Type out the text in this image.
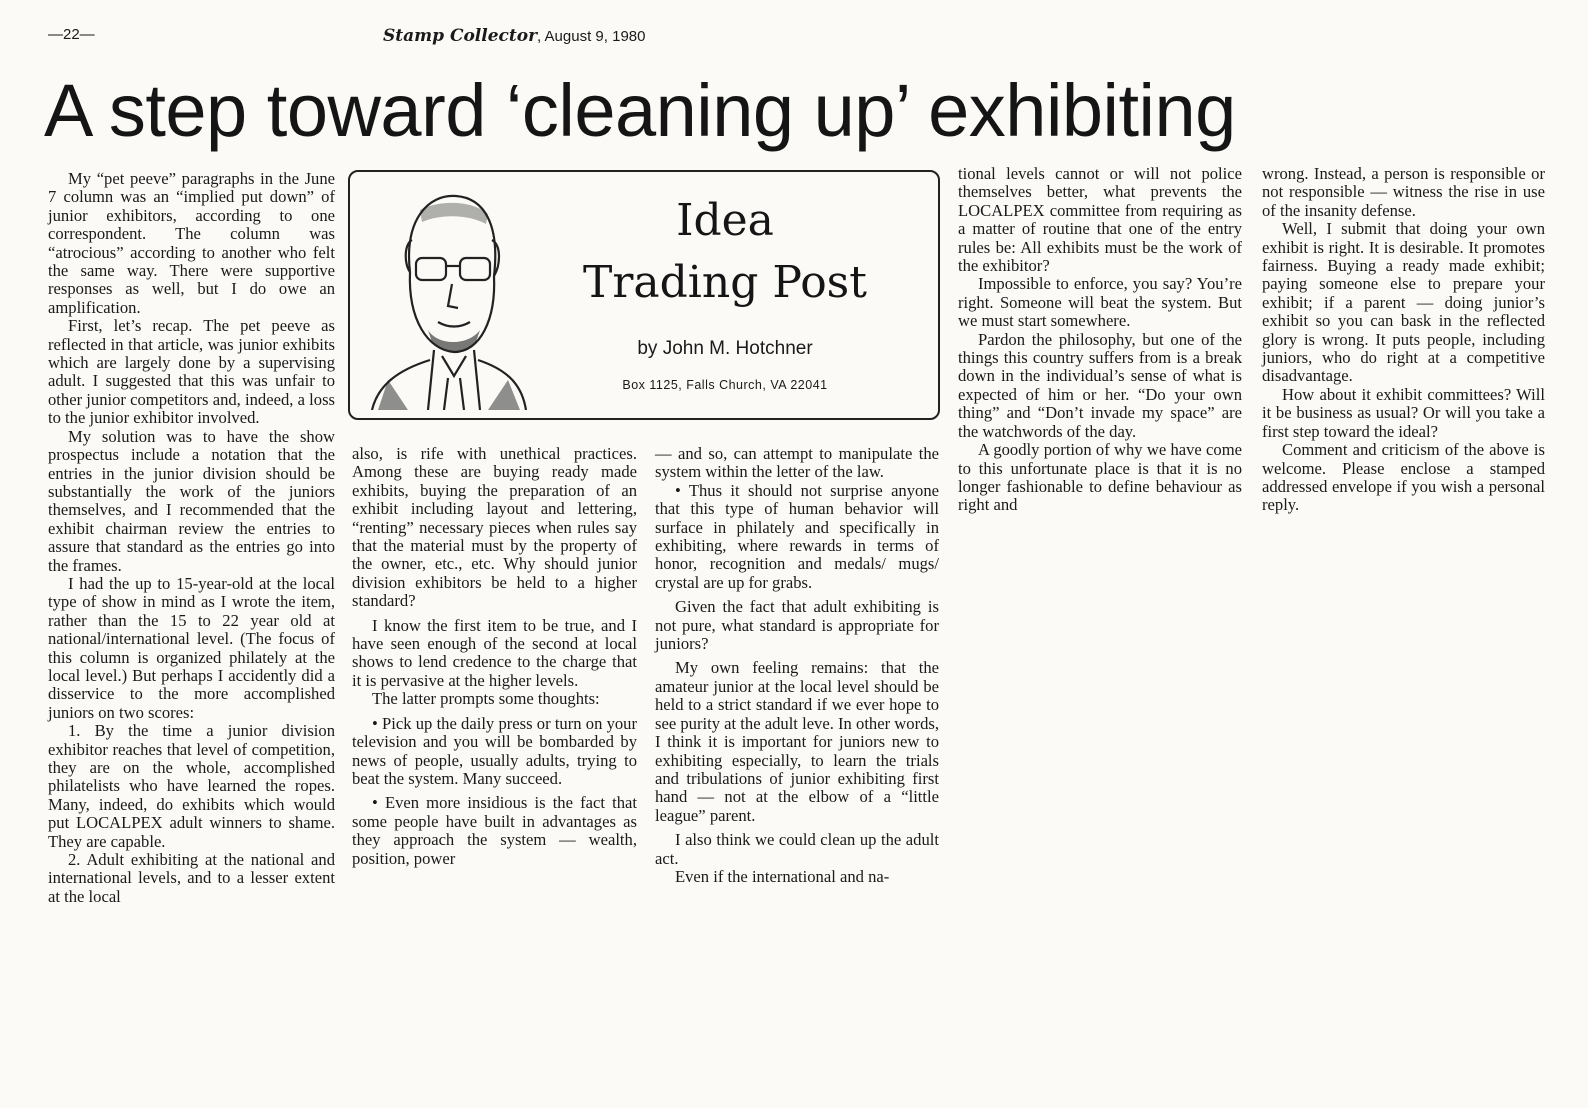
—22—	Stamp Collector, August 9, 1980
A step toward ‘cleaning up’ exhibiting
Idea
Trading Post
by John M. Hotchner
Box 1125, Falls Church, VA 22041

My “pet peeve” paragraphs in the June 7 column was an “implied put down” of junior exhibitors, according to one correspondent. The column was “atrocious” according to another who felt the same way. There were supportive responses as well, but I do owe an amplification.

First, let’s recap. The pet peeve as reflected in that article, was junior exhibits which are largely done by a supervising adult. I suggested that this was unfair to other junior competitors and, indeed, a loss to the junior exhibitor involved.

My solution was to have the show prospectus include a notation that the entries in the junior division should be substantially the work of the juniors themselves, and I recommended that the exhibit chairman review the entries to assure that standard as the entries go into the frames.

I had the up to 15-year-old at the local type of show in mind as I wrote the item, rather than the 15 to 22 year old at national/international level. (The focus of this column is organized philately at the local level.) But perhaps I accidently did a disservice to the more accomplished juniors on two scores:

1. By the time a junior division exhibitor reaches that level of competition, they are on the whole, accomplished philatelists who have learned the ropes. Many, indeed, do exhibits which would put LOCALPEX adult winners to shame. They are capable.

2. Adult exhibiting at the national and international levels, and to a lesser extent at the local

also, is rife with unethical practices. Among these are buying ready made exhibits, buying the preparation of an exhibit including layout and lettering, “renting” necessary pieces when rules say that the material must by the property of the owner, etc., etc. Why should junior division exhibitors be held to a higher standard?

I know the first item to be true, and I have seen enough of the second at local shows to lend credence to the charge that it is pervasive at the higher levels.

The latter prompts some thoughts:

• Pick up the daily press or turn on your television and you will be bombarded by news of people, usually adults, trying to beat the system. Many succeed.

• Even more insidious is the fact that some people have built in advantages as they approach the system — wealth, position, power

— and so, can attempt to manipulate the system within the letter of the law.

• Thus it should not surprise anyone that this type of human behavior will surface in philately and specifically in exhibiting, where rewards in terms of honor, recognition and medals/ mugs/ crystal are up for grabs.

Given the fact that adult exhibiting is not pure, what standard is appropriate for juniors?

My own feeling remains: that the amateur junior at the local level should be held to a strict standard if we ever hope to see purity at the adult leve. In other words, I think it is important for juniors new to exhibiting especially, to learn the trials and tribulations of junior exhibiting first hand — not at the elbow of a “little league” parent.

I also think we could clean up the adult act.

Even if the international and na-

tional levels cannot or will not police themselves better, what prevents the LOCALPEX committee from requiring as a matter of routine that one of the entry rules be: All exhibits must be the work of the exhibitor?

Impossible to enforce, you say? You’re right. Someone will beat the system. But we must start somewhere.

Pardon the philosophy, but one of the things this country suffers from is a break down in the individual’s sense of what is expected of him or her. “Do your own thing” and “Don’t invade my space” are the watchwords of the day.

A goodly portion of why we have come to this unfortunate place is that it is no longer fashionable to define behaviour as right and

wrong. Instead, a person is responsible or not responsible — witness the rise in use of the insanity defense.

Well, I submit that doing your own exhibit is right. It is desirable. It promotes fairness. Buying a ready made exhibit; paying someone else to prepare your exhibit; if a parent — doing junior’s exhibit so you can bask in the reflected glory is wrong. It puts people, including juniors, who do right at a competitive disadvantage.

How about it exhibit committees? Will it be business as usual? Or will you take a first step toward the ideal?

Comment and criticism of the above is welcome. Please enclose a stamped addressed envelope if you wish a personal reply.
